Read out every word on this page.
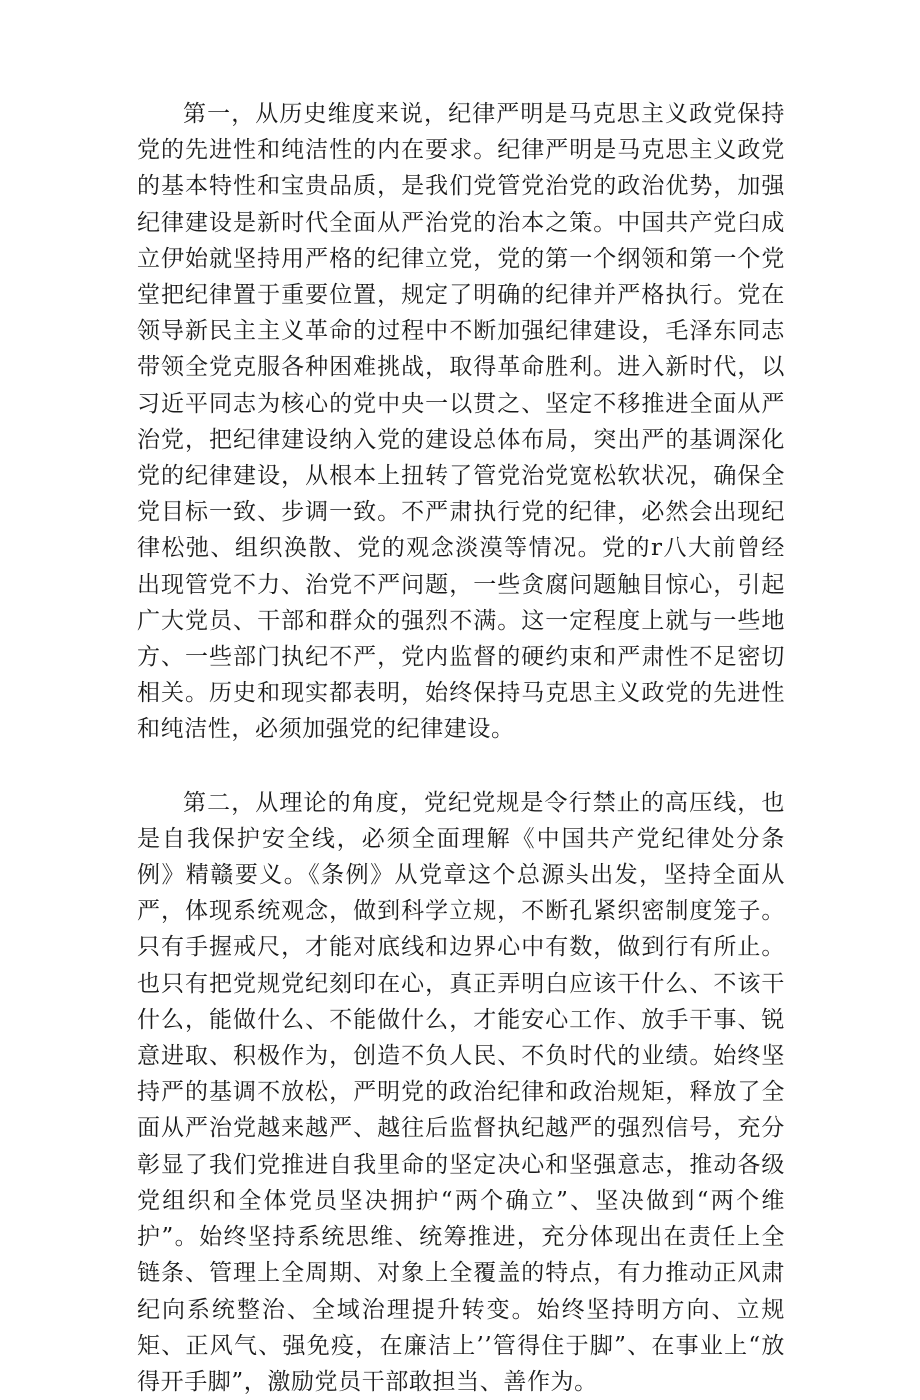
第一，从历史维度来说，纪律严明是马克思主义政党保持党的先进性和纯洁性的内在要求。纪律严明是马克思主义政党的基本特性和宝贵品质，是我们党管党治党的政治优势，加强纪律建设是新时代全面从严治党的治本之策。中国共产党臼成立伊始就坚持用严格的纪律立党，党的第一个纲领和第一个党堂把纪律置于重要位置，规定了明确的纪律并严格执行。党在领导新民主主义革命的过程中不断加强纪律建设，毛泽东同志带领全党克服各种困难挑战，取得革命胜利。进入新时代，以习近平同志为核心的党中央一以贯之、坚定不移推进全面从严治党，把纪律建设纳入党的建设总体布局，突出严的基调深化党的纪律建设，从根本上扭转了管党治党宽松软状况，确保全党目标一致、步调一致。不严肃执行党的纪律，必然会出现纪律松弛、组织涣散、党的观念淡漠等情况。党的r八大前曾经出现管党不力、治党不严问题，一些贪腐问题触目惊心，引起广大党员、干部和群众的强烈不满。这一定程度上就与一些地方、一些部门执纪不严，党内监督的硬约束和严肃性不足密切相关。历史和现实都表明，始终保持马克思主义政党的先进性和纯洁性，必须加强党的纪律建设。

第二，从理论的角度，党纪党规是令行禁止的高压线，也是自我保护安全线，必须全面理解《中国共产党纪律处分条例》精赣要义。《条例》从党章这个总源头出发，坚持全面从严，体现系统观念，做到科学立规，不断孔紧织密制度笼子。只有手握戒尺，才能对底线和边界心中有数，做到行有所止。也只有把党规党纪刻印在心，真正弄明白应该干什么、不该干什么，能做什么、不能做什么，才能安心工作、放手干事、锐意进取、积极作为，创造不负人民、不负时代的业绩。始终坚持严的基调不放松，严明党的政治纪律和政治规矩，释放了全面从严治党越来越严、越往后监督执纪越严的强烈信号，充分彰显了我们党推进自我里命的坚定决心和坚强意志，推动各级党组织和全体党员坚决拥护“两个确立”、坚决做到“两个维护”。始终坚持系统思维、统筹推进，充分体现出在责任上全链条、管理上全周期、对象上全覆盖的特点，有力推动正风肃纪向系统整治、全域治理提升转变。始终坚持明方向、立规矩、正风气、强免疫，在廉洁上’’管得住于脚”、在事业上“放得开手脚”，激励党员干部敢担当、善作为。
